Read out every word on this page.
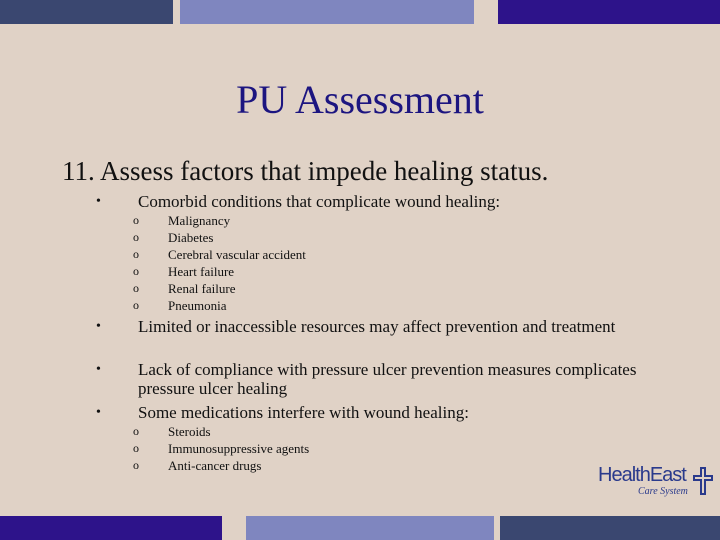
PU Assessment
11. Assess factors that impede healing status.
• Comorbid conditions that complicate wound healing:
o Malignancy
o Diabetes
o Cerebral vascular accident
o Heart failure
o Renal failure
o Pneumonia
• Limited or inaccessible resources may affect prevention and treatment
• Lack of compliance with pressure ulcer prevention measures complicates pressure ulcer healing
• Some medications interfere with wound healing:
o Steroids
o Immunosuppressive agents
o Anti-cancer drugs	HealthEast
Care System
